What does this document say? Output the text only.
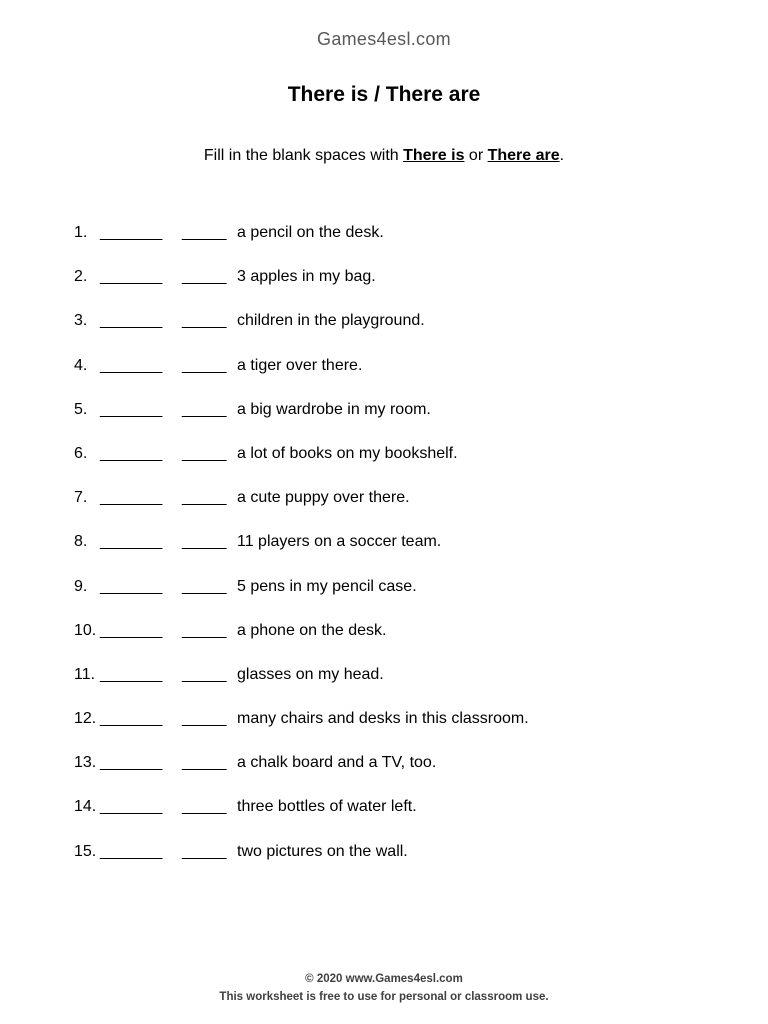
Games4esl.com
There is / There are
Fill in the blank spaces with There is or There are.
1. _______ _____ a pencil on the desk.
2. _______ _____ 3 apples in my bag.
3. _______ _____ children in the playground.
4. _______ _____ a tiger over there.
5. _______ _____ a big wardrobe in my room.
6. _______ _____ a lot of books on my bookshelf.
7. _______ _____ a cute puppy over there.
8. _______ _____ 11 players on a soccer team.
9. _______ _____ 5 pens in my pencil case.
10. _______ _____ a phone on the desk.
11. _______ _____ glasses on my head.
12. _______ _____ many chairs and desks in this classroom.
13. _______ _____ a chalk board and a TV, too.
14. _______ _____ three bottles of water left.
15. _______ _____ two pictures on the wall.
© 2020 www.Games4esl.com
This worksheet is free to use for personal or classroom use.
